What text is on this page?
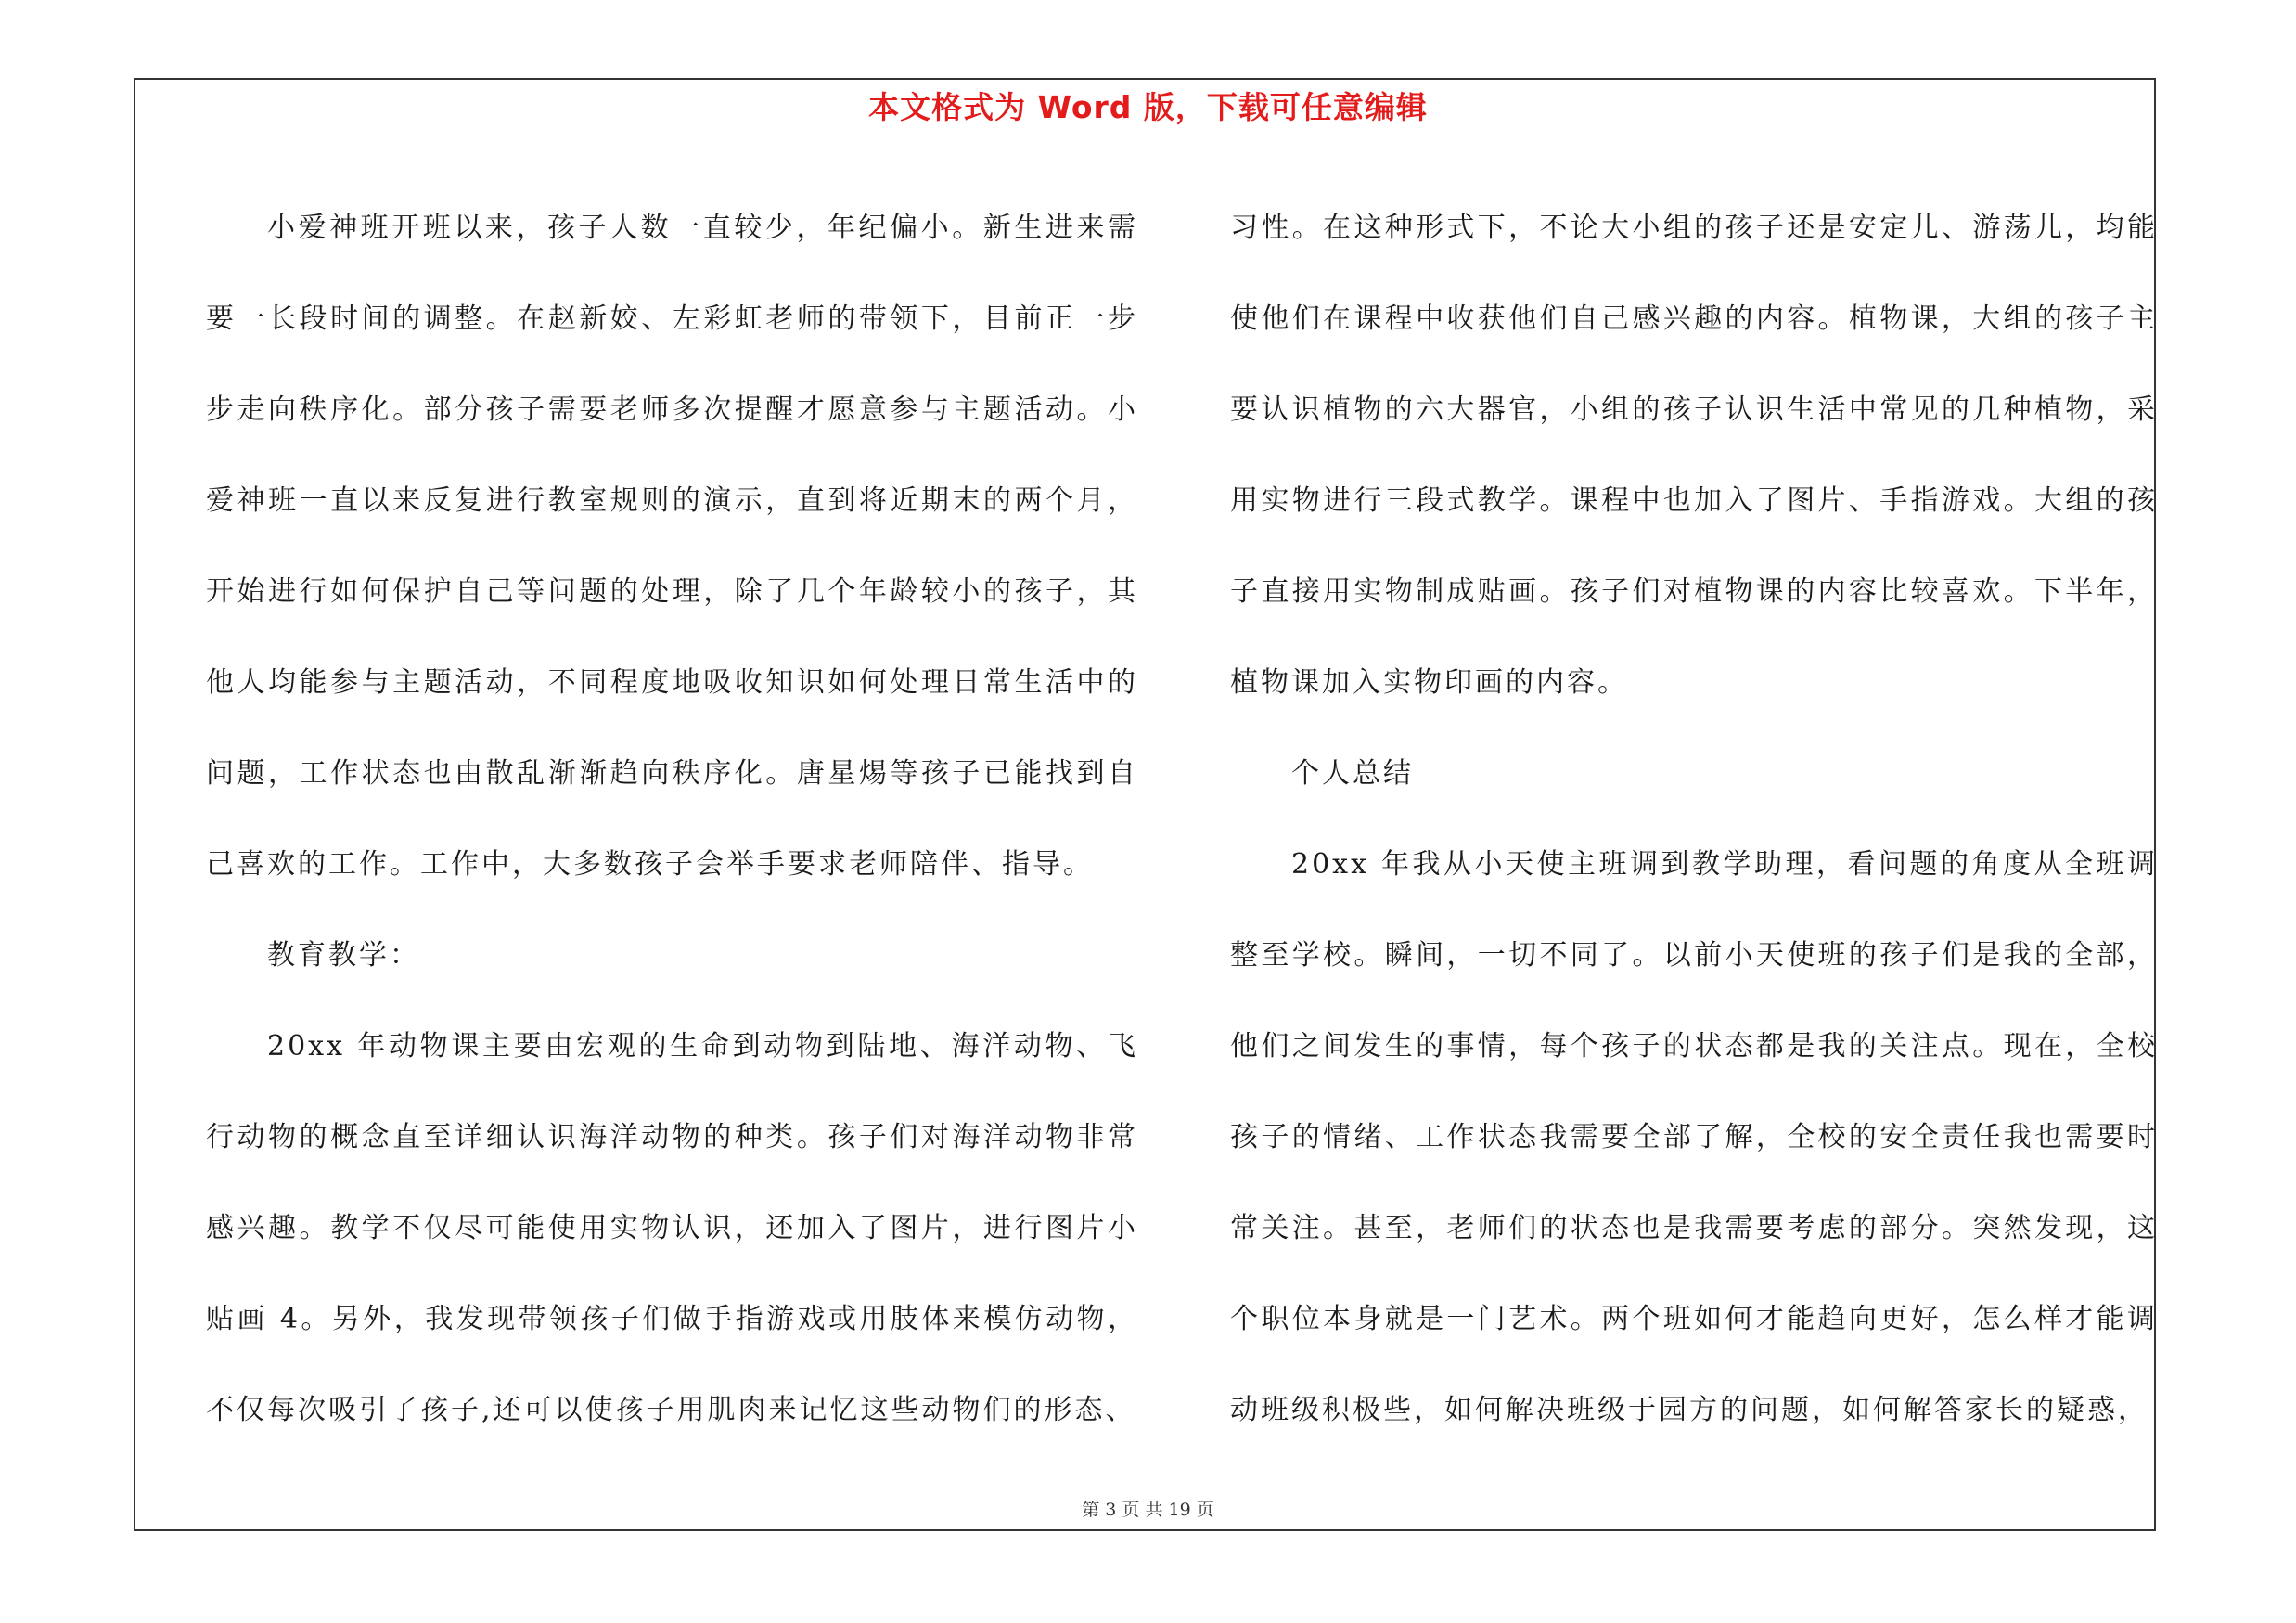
本文格式为 Word 版，下载可任意编辑

小爱神班开班以来，孩子人数一直较少，年纪偏小。新生进来需要一长段时间的调整。在赵新姣、左彩虹老师的带领下，目前正一步步走向秩序化。部分孩子需要老师多次提醒才愿意参与主题活动。小爱神班一直以来反复进行教室规则的演示，直到将近期末的两个月，开始进行如何保护自己等问题的处理，除了几个年龄较小的孩子，其他人均能参与主题活动，不同程度地吸收知识如何处理日常生活中的问题，工作状态也由散乱渐渐趋向秩序化。唐星焬等孩子已能找到自己喜欢的工作。工作中，大多数孩子会举手要求老师陪伴、指导。

教育教学：

20xx 年动物课主要由宏观的生命到动物到陆地、海洋动物、飞行动物的概念直至详细认识海洋动物的种类。孩子们对海洋动物非常感兴趣。教学不仅尽可能使用实物认识，还加入了图片，进行图片小贴画 4。另外，我发现带领孩子们做手指游戏或用肢体来模仿动物，不仅每次吸引了孩子,还可以使孩子用肌肉来记忆这些动物们的形态、

习性。在这种形式下，不论大小组的孩子还是安定儿、游荡儿，均能使他们在课程中收获他们自己感兴趣的内容。植物课，大组的孩子主要认识植物的六大器官，小组的孩子认识生活中常见的几种植物，采用实物进行三段式教学。课程中也加入了图片、手指游戏。大组的孩子直接用实物制成贴画。孩子们对植物课的内容比较喜欢。下半年，植物课加入实物印画的内容。

个人总结

20xx 年我从小天使主班调到教学助理，看问题的角度从全班调整至学校。瞬间，一切不同了。以前小天使班的孩子们是我的全部，他们之间发生的事情，每个孩子的状态都是我的关注点。现在，全校孩子的情绪、工作状态我需要全部了解，全校的安全责任我也需要时常关注。甚至，老师们的状态也是我需要考虑的部分。突然发现，这个职位本身就是一门艺术。两个班如何才能趋向更好，怎么样才能调动班级积极些，如何解决班级于园方的问题，如何解答家长的疑惑，

第 3 页 共 19 页
